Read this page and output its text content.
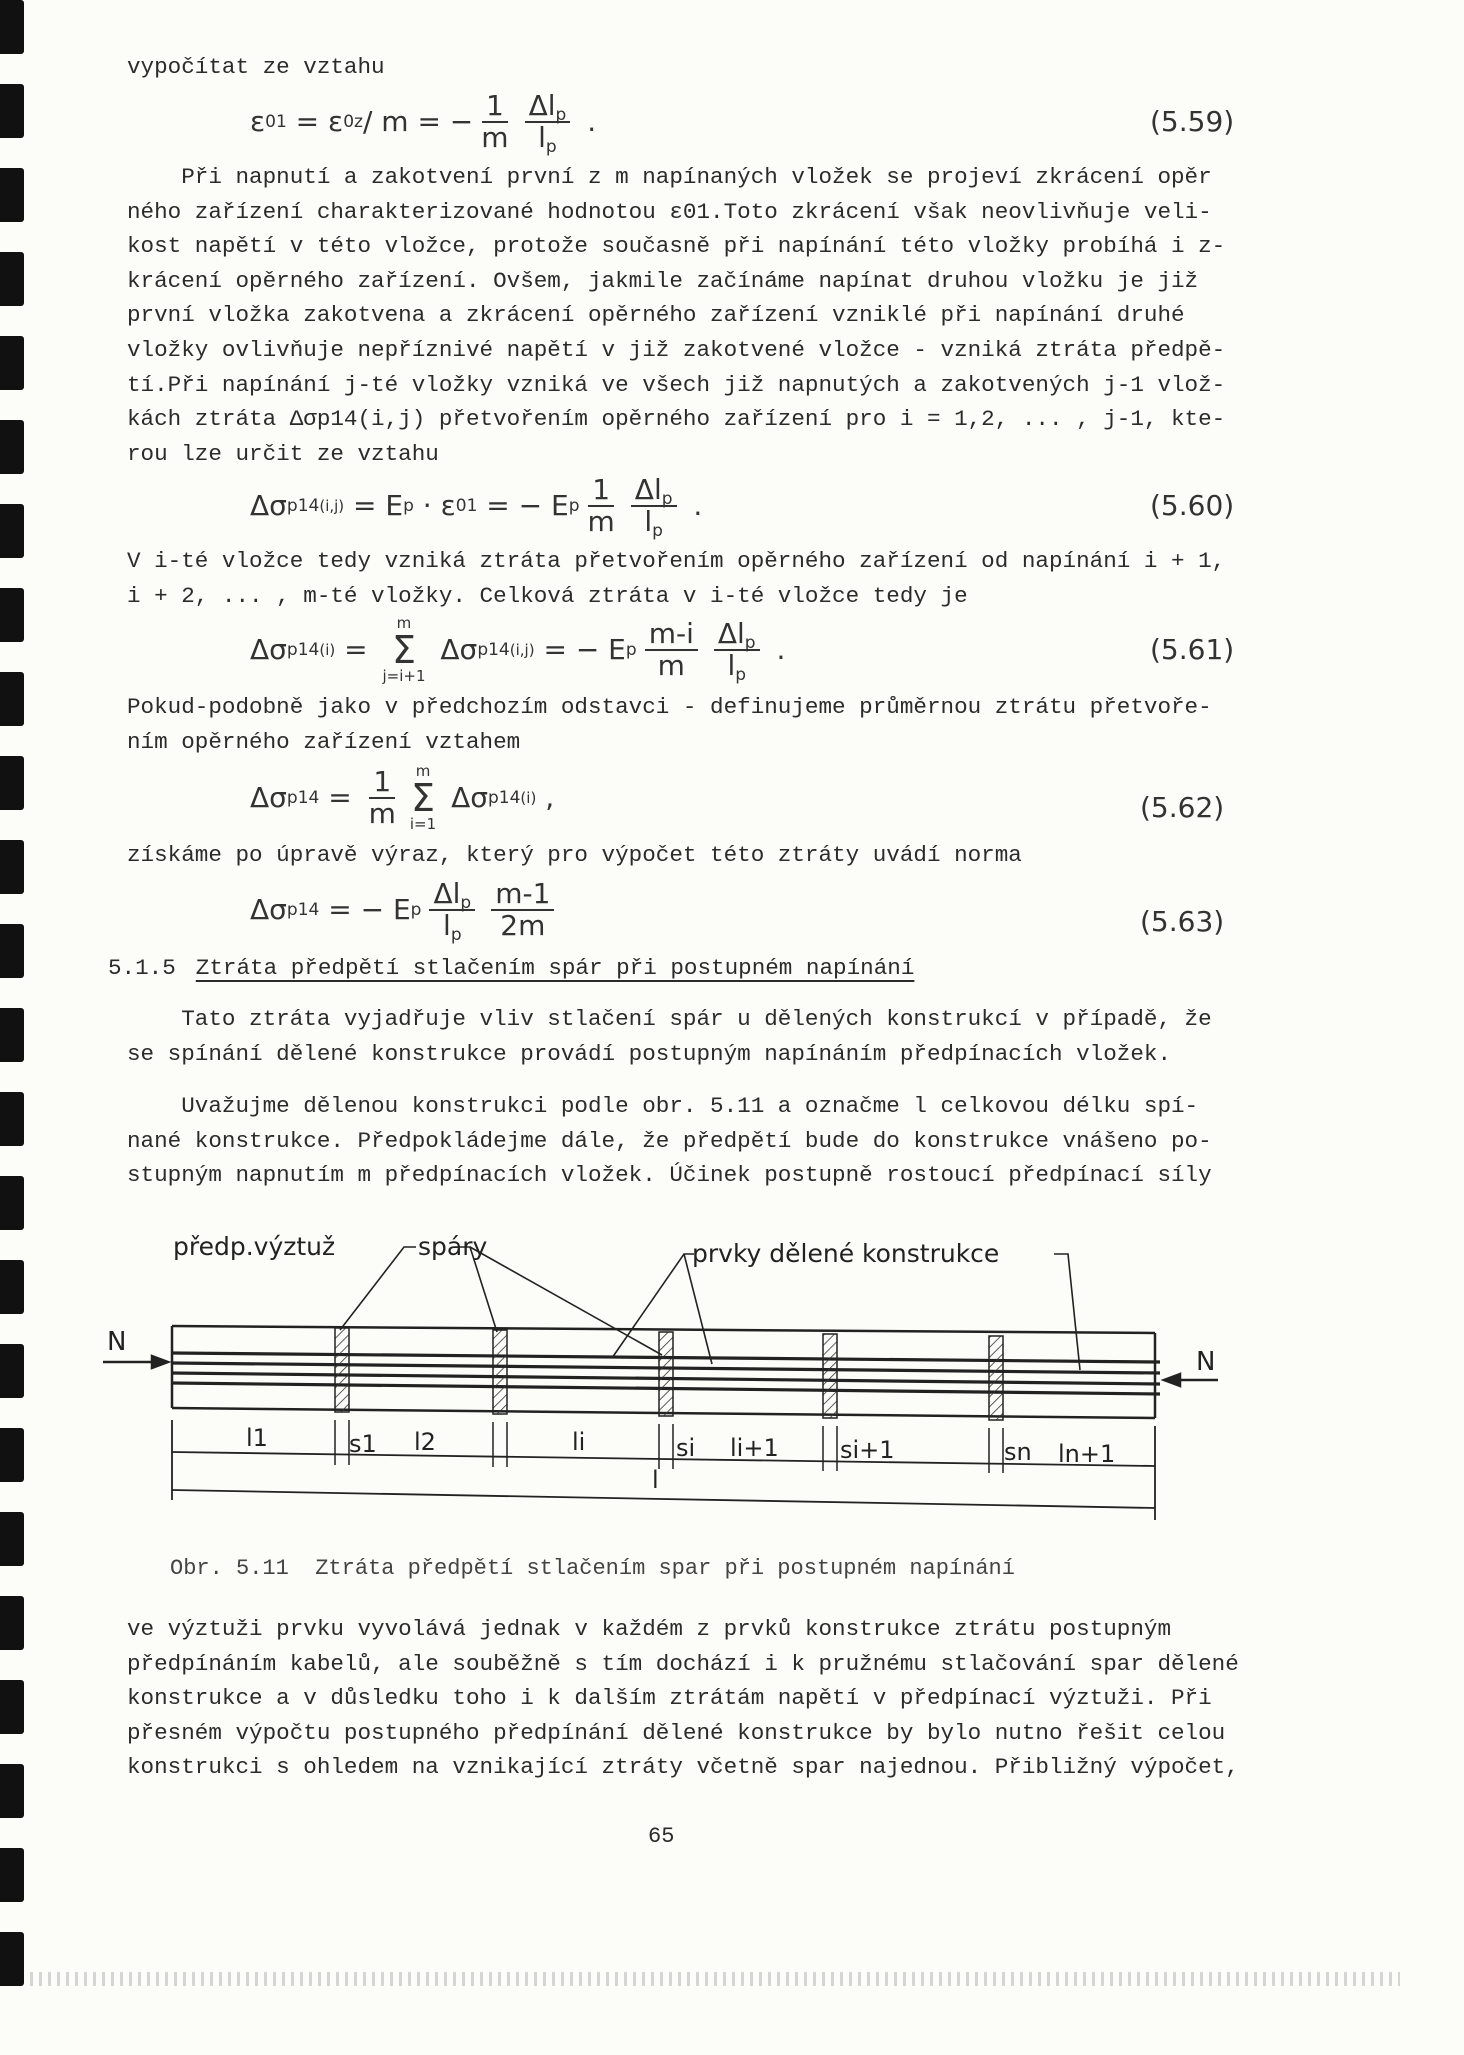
vypočítat ze vztahu
ε 01 = ε 0z / m = − $\frac{1}{m} \frac{\Delta l_p}{l_p}$ .	(5.59)
Při napnutí a zakotvení první z m napínaných vložek se projeví zkrácení opěr
ného zařízení charakterizované hodnotou ε01.Toto zkrácení však neovlivňuje veli-
kost napětí v této vložce, protože současně při napínání této vložky probíhá i z-
krácení opěrného zařízení. Ovšem, jakmile začínáme napínat druhou vložku je již
první vložka zakotvena a zkrácení opěrného zařízení vzniklé při napínání druhé
vložky ovlivňuje nepříznivé napětí v již zakotvené vložce - vzniká ztráta předpě-
tí.Při napínání j-té vložky vzniká ve všech již napnutých a zakotvených j-1 vlož-
kách ztráta Δσp14(i,j) přetvořením opěrného zařízení pro i = 1,2, ... , j-1, kte-
rou lze určit ze vztahu
Δσ p14 (i,j) = E p · ε 01 = − E p $\frac{1}{m} \frac{\Delta l_p}{l_p}$ .	(5.60)
V i-té vložce tedy vzniká ztráta přetvořením opěrného zařízení od napínání i + 1,
i + 2, ... , m-té vložky. Celková ztráta v i-té vložce tedy je
Δσ p14 (i) =
m
Σ
j=i+1
Δσ p14 (i,j) = − E p $\frac{m-i}{m} \frac{\Delta l_p}{l_p}$ .	(5.61)
Pokud-podobně jako v předchozím odstavci - definujeme průměrnou ztrátu přetvoře-
ním opěrného zařízení vztahem
Δσ $p14 = \frac{1}{m}$ m
Σ
i=1
Δσ p14 (i) ,	(5.62)
získáme po úpravě výraz, který pro výpočet této ztráty uvádí norma
Δσ p14 = − E p $\frac{\Delta l_p}{l_p} \frac{m-1}{2m}$	(5.63)
5.1.5 Ztráta předpětí stlačením spár při postupném napínání
Tato ztráta vyjadřuje vliv stlačení spár u dělených konstrukcí v případě, že
se spínání dělené konstrukce provádí postupným napínáním předpínacích vložek.
Uvažujme dělenou konstrukci podle obr. 5.11 a označme l celkovou délku spí-
nané konstrukce. Předpokládejme dále, že předpětí bude do konstrukce vnášeno po-
stupným napnutím m předpínacích vložek. Účinek postupně rostoucí předpínací síly
N
N
předp.výztuž	spáry	prvky dělené konstrukce
l1	s1 l2	li	si li+1	si+1	sn ln+1
l
Obr. 5.11  Ztráta předpětí stlačením spar při postupném napínání
ve výztuži prvku vyvolává jednak v každém z prvků konstrukce ztrátu postupným
předpínáním kabelů, ale souběžně s tím dochází i k pružnému stlačování spar dělené
konstrukce a v důsledku toho i k dalším ztrátám napětí v předpínací výztuži. Při
přesném výpočtu postupného předpínání dělené konstrukce by bylo nutno řešit celou
konstrukci s ohledem na vznikající ztráty včetně spar najednou. Přibližný výpočet,
65
